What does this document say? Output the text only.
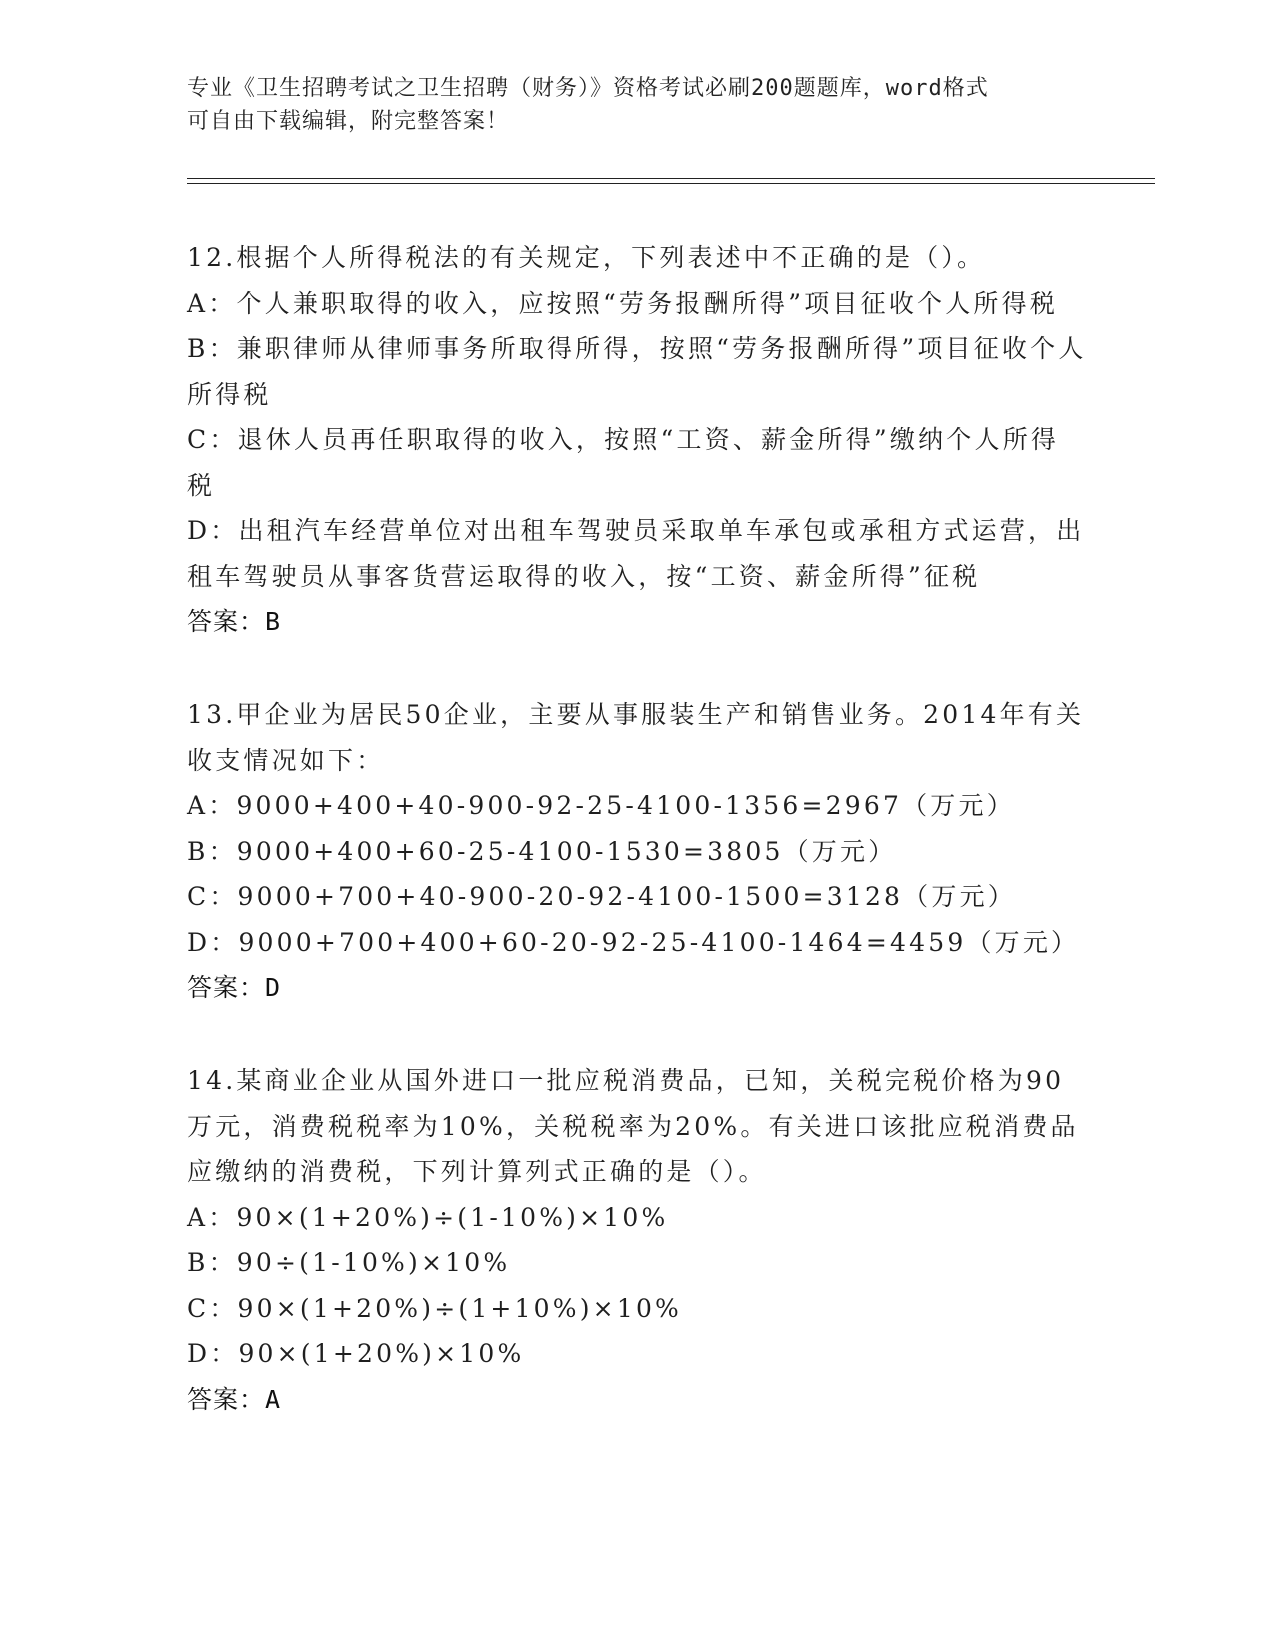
专业《卫生招聘考试之卫生招聘（财务）》资格考试必刷200题题库，word格式
可自由下载编辑，附完整答案！
12.根据个人所得税法的有关规定，下列表述中不正确的是（）。
A：个人兼职取得的收入，应按照“劳务报酬所得”项目征收个人所得税
B：兼职律师从律师事务所取得所得，按照“劳务报酬所得”项目征收个人所得税
C：退休人员再任职取得的收入，按照“工资、薪金所得”缴纳个人所得税
D：出租汽车经营单位对出租车驾驶员采取单车承包或承租方式运营，出租车驾驶员从事客货营运取得的收入，按“工资、薪金所得”征税
答案：B
13.甲企业为居民50企业，主要从事服装生产和销售业务。2014年有关收支情况如下：
A：9000+400+40-900-92-25-4100-1356=2967（万元）
B：9000+400+60-25-4100-1530=3805（万元）
C：9000+700+40-900-20-92-4100-1500=3128（万元）
D：9000+700+400+60-20-92-25-4100-1464=4459（万元）
答案：D
14.某商业企业从国外进口一批应税消费品，已知，关税完税价格为90万元，消费税税率为10%，关税税率为20%。有关进口该批应税消费品应缴纳的消费税，下列计算列式正确的是（）。
A：90×(1+20%)÷(1-10%)×10%
B：90÷(1-10%)×10%
C：90×(1+20%)÷(1+10%)×10%
D：90×(1+20%)×10%
答案：A
